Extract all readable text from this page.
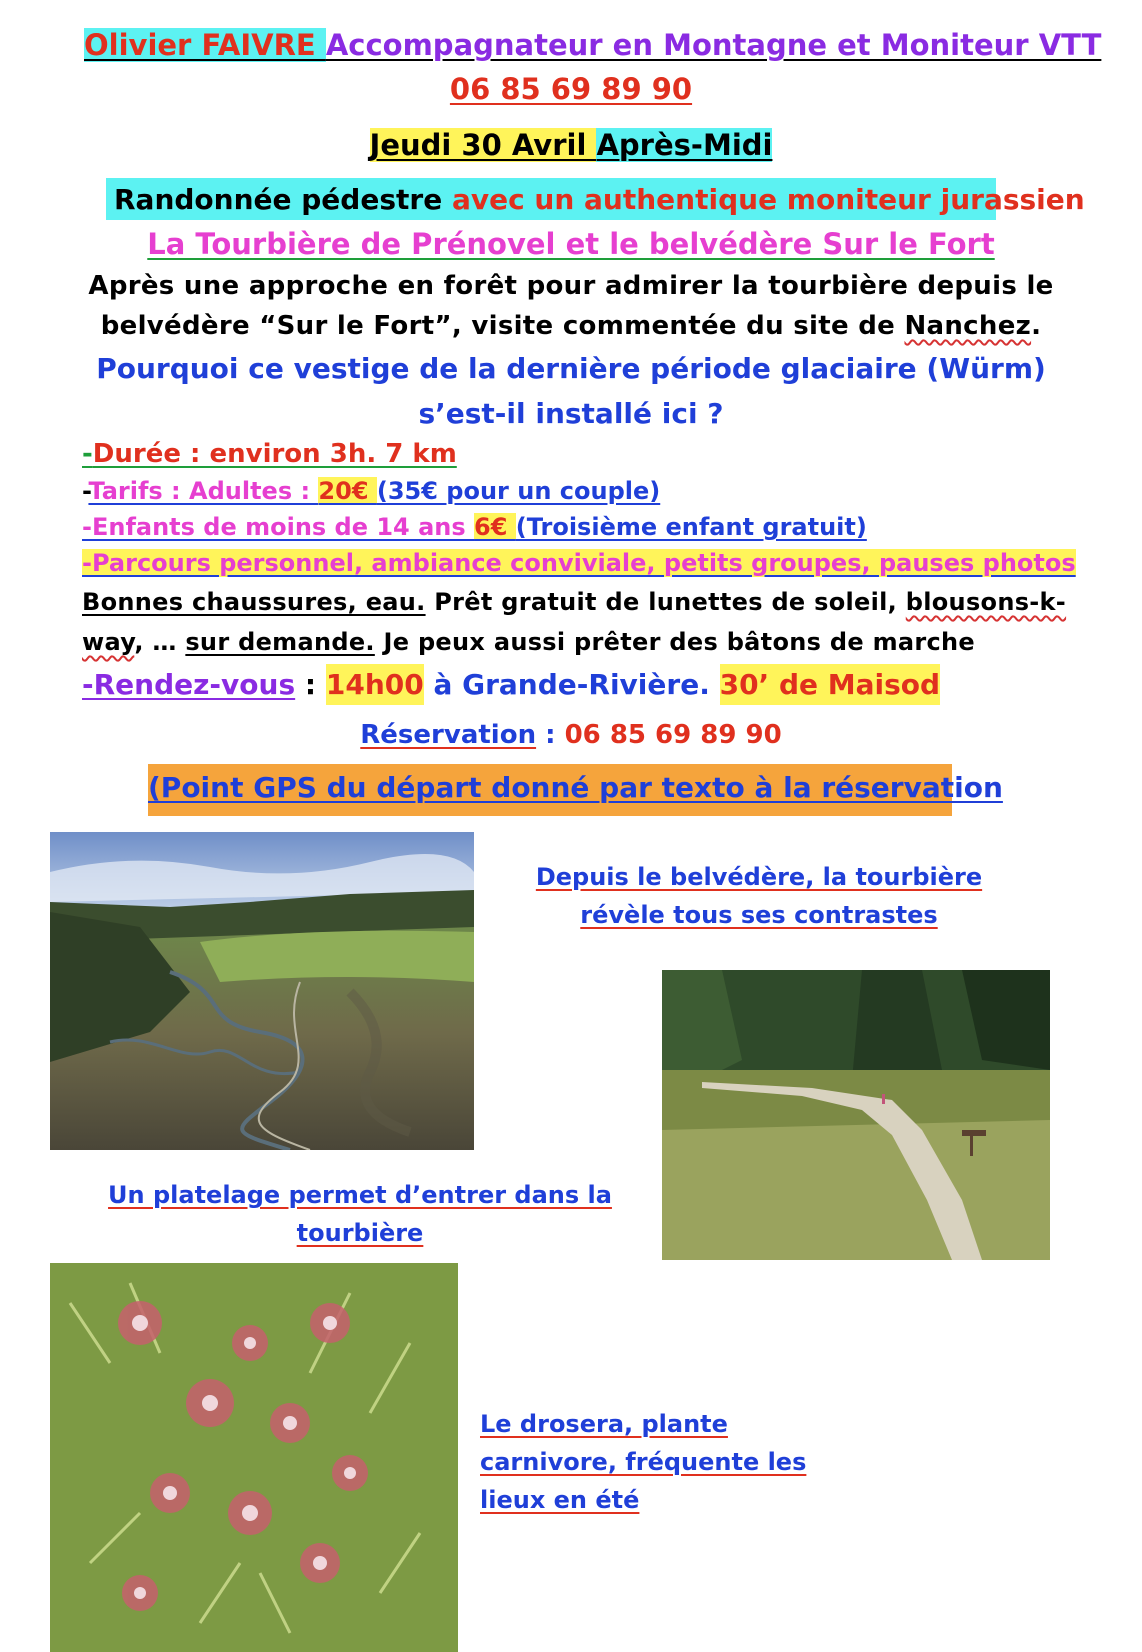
Olivier FAIVRE Accompagnateur en Montagne et Moniteur VTT
06 85 69 89 90
Jeudi 30 Avril Après-Midi
Randonnée pédestre avec un authentique moniteur jurassien
La Tourbière de Prénovel et le belvédère Sur le Fort
Après une approche en forêt pour admirer la tourbière depuis le
belvédère “Sur le Fort”, visite commentée du site de Nanchez.
Pourquoi ce vestige de la dernière période glaciaire (Würm)
s’est-il installé ici ?
-Durée : environ 3h. 7 km
-Tarifs : Adultes : 20€ (35€ pour un couple)
-Enfants de moins de 14 ans 6€ (Troisième enfant gratuit)
-Parcours personnel, ambiance conviviale, petits groupes, pauses photos
Bonnes chaussures, eau. Prêt gratuit de lunettes de soleil, blousons-k-
way, … sur demande. Je peux aussi prêter des bâtons de marche
-Rendez-vous : 14h00 à Grande-Rivière. 30’ de Maisod
Réservation : 06 85 69 89 90
(Point GPS du départ donné par texto à la réservation
Depuis le belvédère, la tourbière révèle tous ses contrastes
Un platelage permet d’entrer dans la tourbière
Le drosera, plante carnivore, fréquente les lieux en été
